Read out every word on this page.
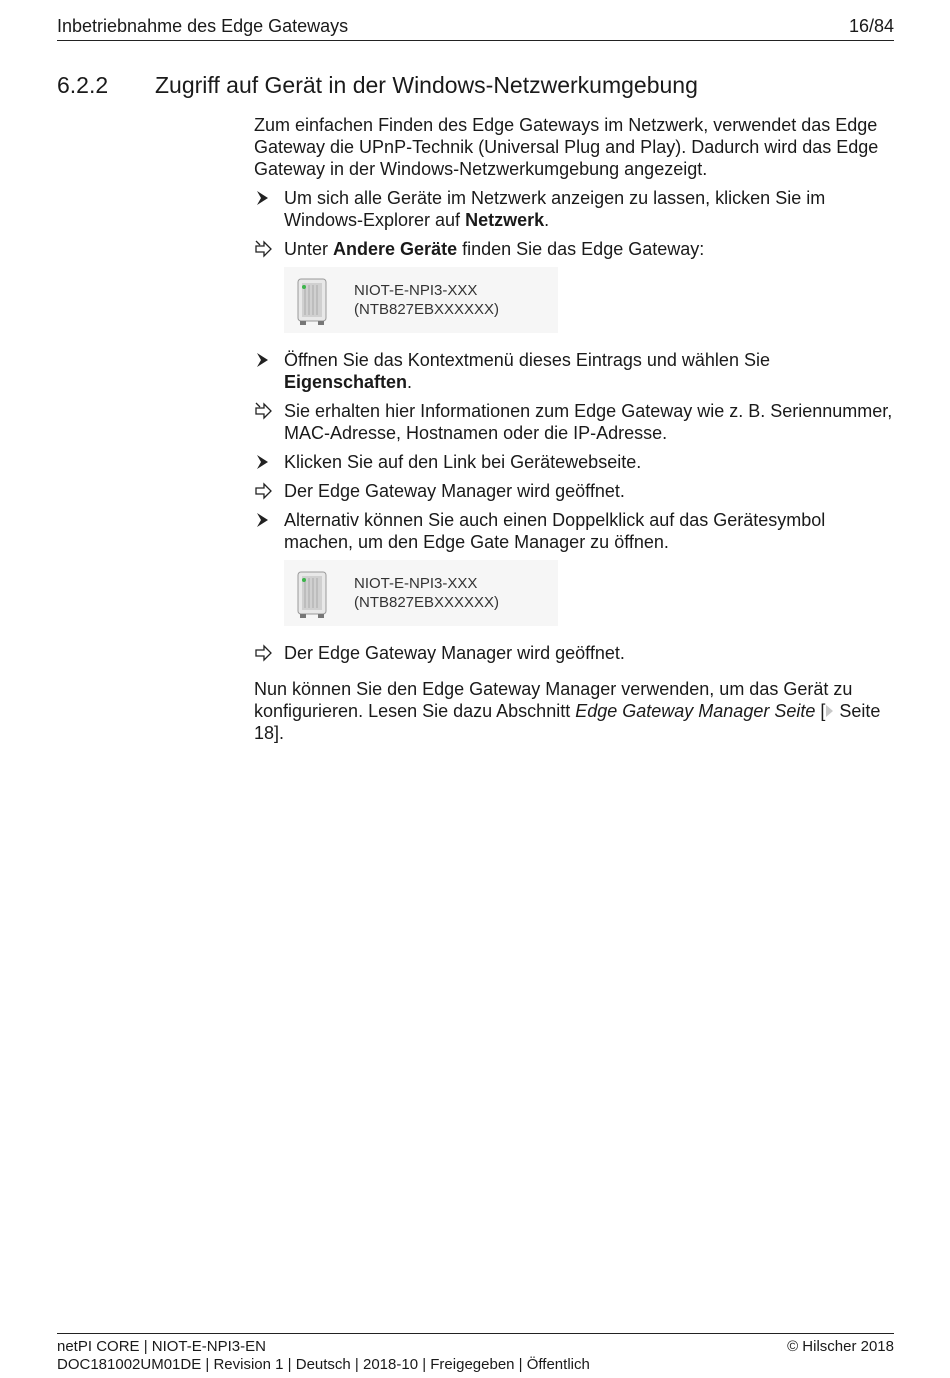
Inbetriebnahme des Edge Gateways	16/84
6.2.2 Zugriff auf Gerät in der Windows-Netzwerkumgebung

Zum einfachen Finden des Edge Gateways im Netzwerk, verwendet das Edge Gateway die UPnP-Technik (Universal Plug and Play). Dadurch wird das Edge Gateway in der Windows-Netzwerkumgebung angezeigt.

Um sich alle Geräte im Netzwerk anzeigen zu lassen, klicken Sie im Windows-Explorer auf Netzwerk.
Unter Andere Geräte finden Sie das Edge Gateway:
NIOT-E-NPI3-XXX
(NTB827EBXXXXXX)
Öffnen Sie das Kontextmenü dieses Eintrags und wählen Sie Eigenschaften.
Sie erhalten hier Informationen zum Edge Gateway wie z. B. Seriennummer, MAC-Adresse, Hostnamen oder die IP-Adresse.
Klicken Sie auf den Link bei Gerätewebseite.
Der Edge Gateway Manager wird geöffnet.
Alternativ können Sie auch einen Doppelklick auf das Gerätesymbol machen, um den Edge Gate Manager zu öffnen.
NIOT-E-NPI3-XXX
(NTB827EBXXXXXX)
Der Edge Gateway Manager wird geöffnet.

Nun können Sie den Edge Gateway Manager verwenden, um das Gerät zu konfigurieren. Lesen Sie dazu Abschnitt Edge Gateway Manager Seite [ Seite 18].

netPI CORE | NIOT-E-NPI3-EN	© Hilscher 2018
DOC181002UM01DE | Revision 1 | Deutsch | 2018-10 | Freigegeben | Öffentlich
